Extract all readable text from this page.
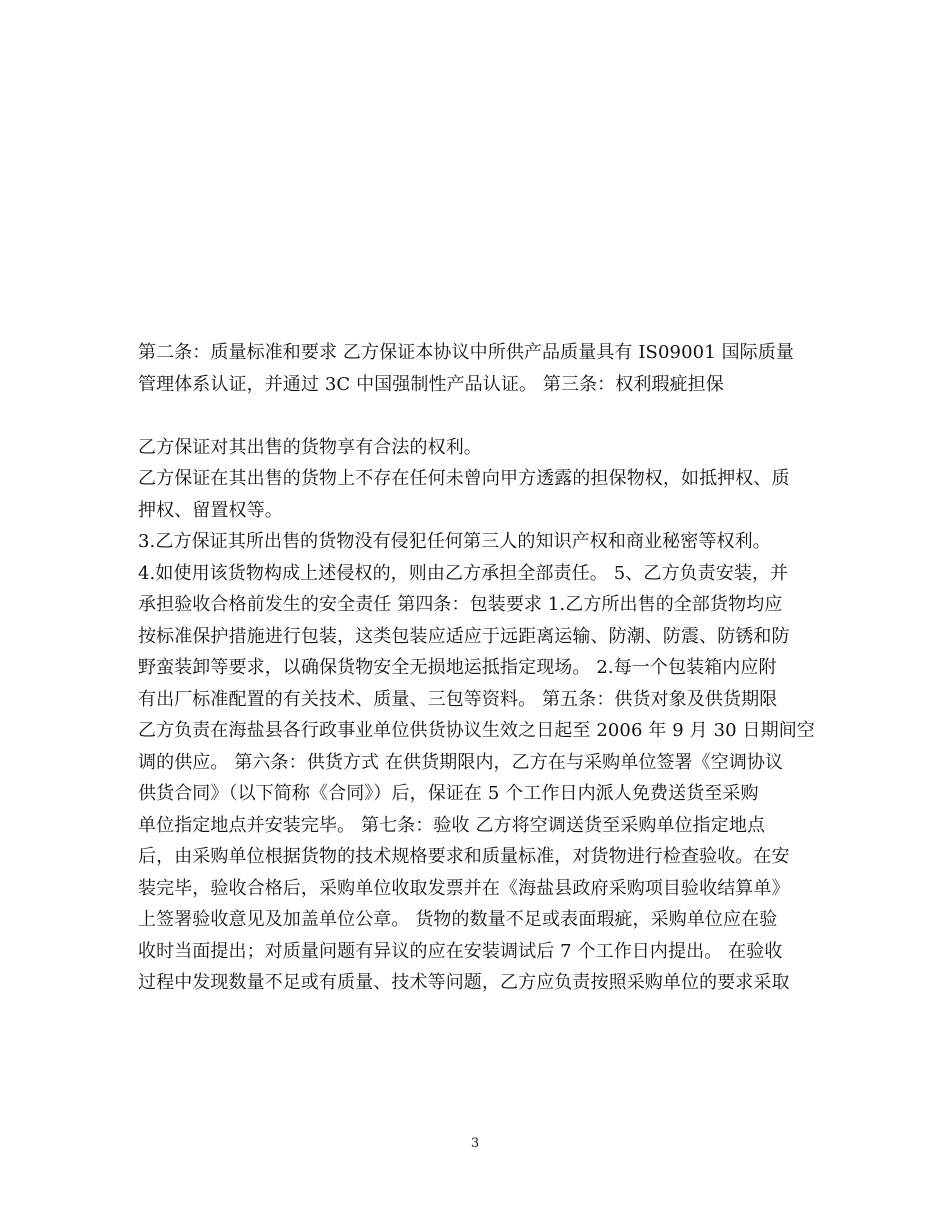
第二条：质量标准和要求 乙方保证本协议中所供产品质量具有 IS09001 国际质量
管理体系认证，并通过 3C 中国强制性产品认证。 第三条：权利瑕疵担保
乙方保证对其出售的货物享有合法的权利。
乙方保证在其出售的货物上不存在任何未曾向甲方透露的担保物权，如抵押权、质
押权、留置权等。
3.乙方保证其所出售的货物没有侵犯任何第三人的知识产权和商业秘密等权利。
4.如使用该货物构成上述侵权的，则由乙方承担全部责任。 5、乙方负责安装，并
承担验收合格前发生的安全责任 第四条：包装要求 1.乙方所出售的全部货物均应
按标准保护措施进行包装，这类包装应适应于远距离运输、防潮、防震、防锈和防
野蛮装卸等要求，以确保货物安全无损地运抵指定现场。 2.每一个包装箱内应附
有出厂标准配置的有关技术、质量、三包等资料。 第五条：供货对象及供货期限
乙方负责在海盐县各行政事业单位供货协议生效之日起至 2006 年 9 月 30 日期间空
调的供应。 第六条：供货方式 在供货期限内，乙方在与采购单位签署《空调协议
供货合同》（以下简称《合同》）后，保证在 5 个工作日内派人免费送货至采购
单位指定地点并安装完毕。 第七条：验收 乙方将空调送货至采购单位指定地点
后，由采购单位根据货物的技术规格要求和质量标准，对货物进行检查验收。在安
装完毕，验收合格后，采购单位收取发票并在《海盐县政府采购项目验收结算单》
上签署验收意见及加盖单位公章。 货物的数量不足或表面瑕疵，采购单位应在验
收时当面提出；对质量问题有异议的应在安装调试后 7 个工作日内提出。 在验收
过程中发现数量不足或有质量、技术等问题，乙方应负责按照采购单位的要求采取
3
